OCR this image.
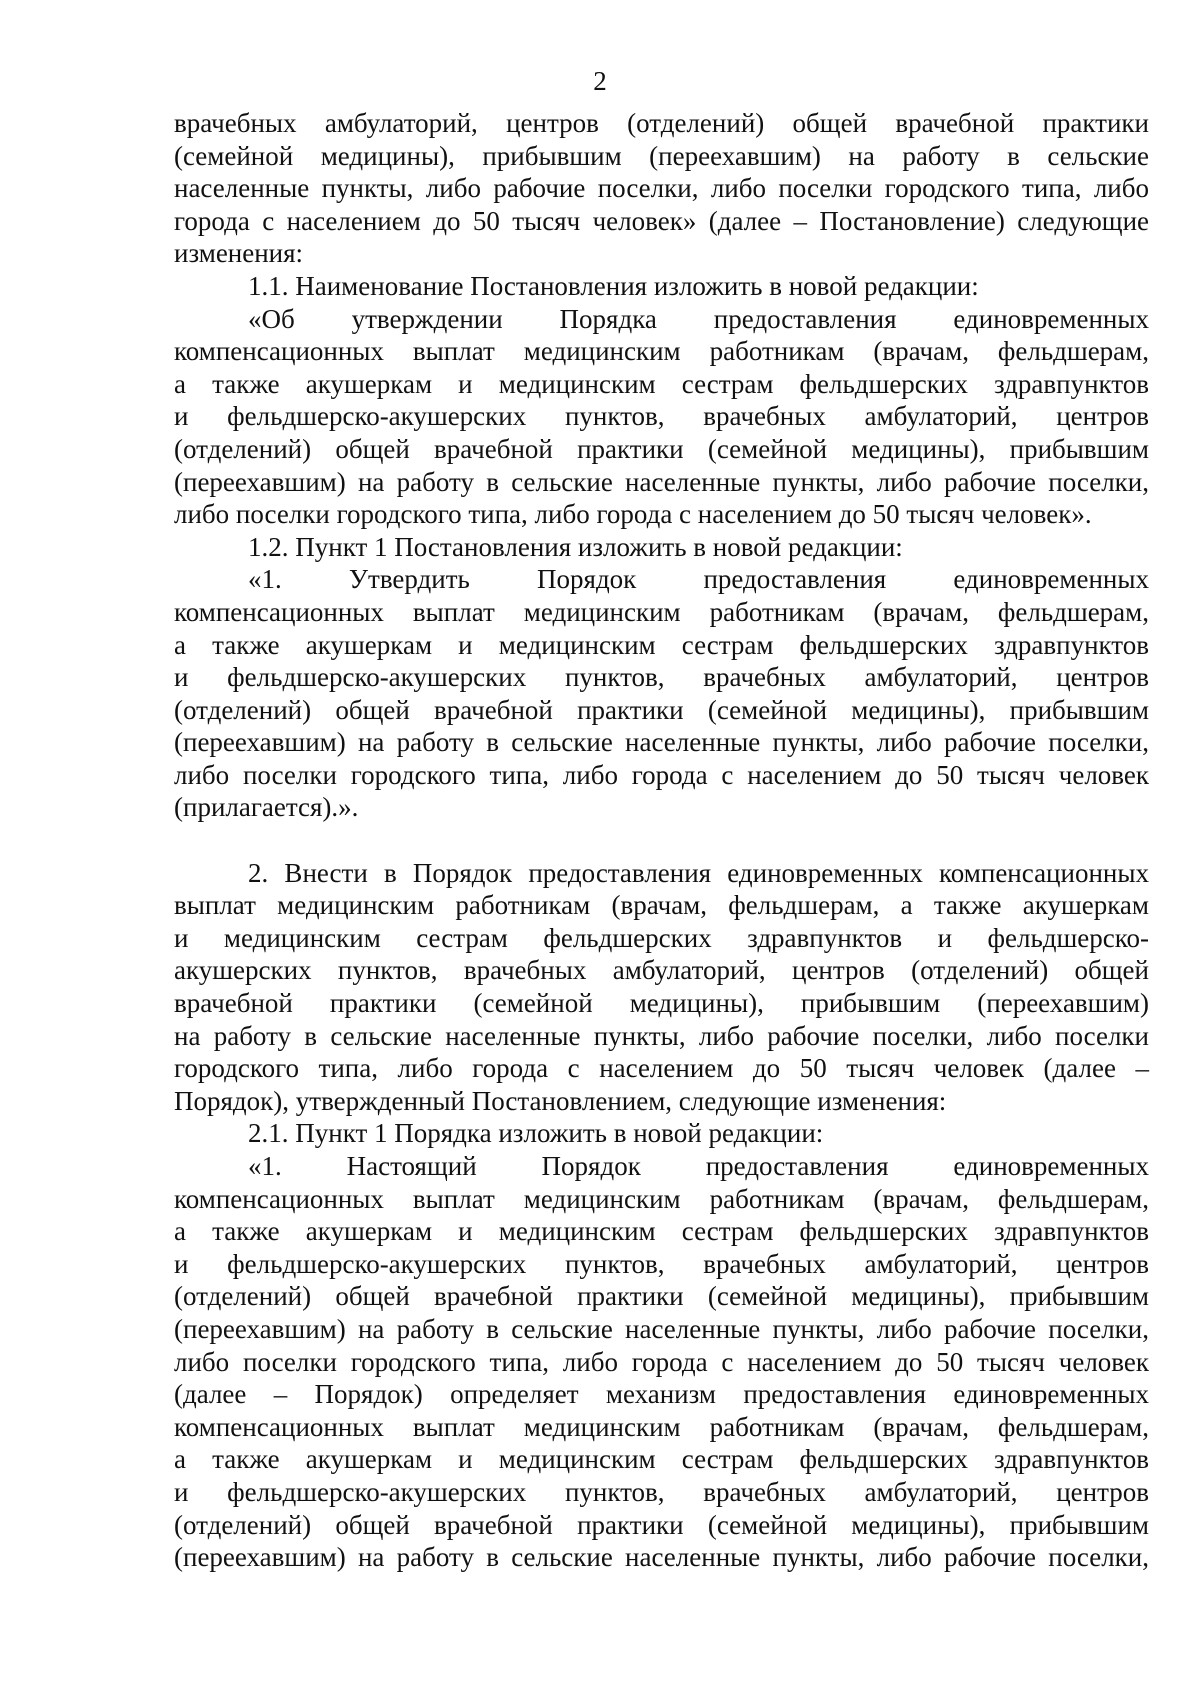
2

врачебных амбулаторий, центров (отделений) общей врачебной практики
(семейной медицины), прибывшим (переехавшим) на работу в сельские
населенные пункты, либо рабочие поселки, либо поселки городского типа, либо
города с населением до 50 тысяч человек» (далее – Постановление) следующие
изменения:

1.1. Наименование Постановления изложить в новой редакции:

«Об утверждении Порядка предоставления единовременных
компенсационных выплат медицинским работникам (врачам, фельдшерам,
а также акушеркам и медицинским сестрам фельдшерских здравпунктов
и фельдшерско-акушерских пунктов, врачебных амбулаторий, центров
(отделений) общей врачебной практики (семейной медицины), прибывшим
(переехавшим) на работу в сельские населенные пункты, либо рабочие поселки,
либо поселки городского типа, либо города с населением до 50 тысяч человек».

1.2. Пункт 1 Постановления изложить в новой редакции:

«1. Утвердить Порядок предоставления единовременных
компенсационных выплат медицинским работникам (врачам, фельдшерам,
а также акушеркам и медицинским сестрам фельдшерских здравпунктов
и фельдшерско-акушерских пунктов, врачебных амбулаторий, центров
(отделений) общей врачебной практики (семейной медицины), прибывшим
(переехавшим) на работу в сельские населенные пункты, либо рабочие поселки,
либо поселки городского типа, либо города с населением до 50 тысяч человек
(прилагается).».

2. Внести в Порядок предоставления единовременных компенсационных
выплат медицинским работникам (врачам, фельдшерам, а также акушеркам
и медицинским сестрам фельдшерских здравпунктов и фельдшерско-
акушерских пунктов, врачебных амбулаторий, центров (отделений) общей
врачебной практики (семейной медицины), прибывшим (переехавшим)
на работу в сельские населенные пункты, либо рабочие поселки, либо поселки
городского типа, либо города с населением до 50 тысяч человек (далее –
Порядок), утвержденный Постановлением, следующие изменения:

2.1. Пункт 1 Порядка изложить в новой редакции:

«1. Настоящий Порядок предоставления единовременных
компенсационных выплат медицинским работникам (врачам, фельдшерам,
а также акушеркам и медицинским сестрам фельдшерских здравпунктов
и фельдшерско-акушерских пунктов, врачебных амбулаторий, центров
(отделений) общей врачебной практики (семейной медицины), прибывшим
(переехавшим) на работу в сельские населенные пункты, либо рабочие поселки,
либо поселки городского типа, либо города с населением до 50 тысяч человек
(далее – Порядок) определяет механизм предоставления единовременных
компенсационных выплат медицинским работникам (врачам, фельдшерам,
а также акушеркам и медицинским сестрам фельдшерских здравпунктов
и фельдшерско-акушерских пунктов, врачебных амбулаторий, центров
(отделений) общей врачебной практики (семейной медицины), прибывшим
(переехавшим) на работу в сельские населенные пункты, либо рабочие поселки,
